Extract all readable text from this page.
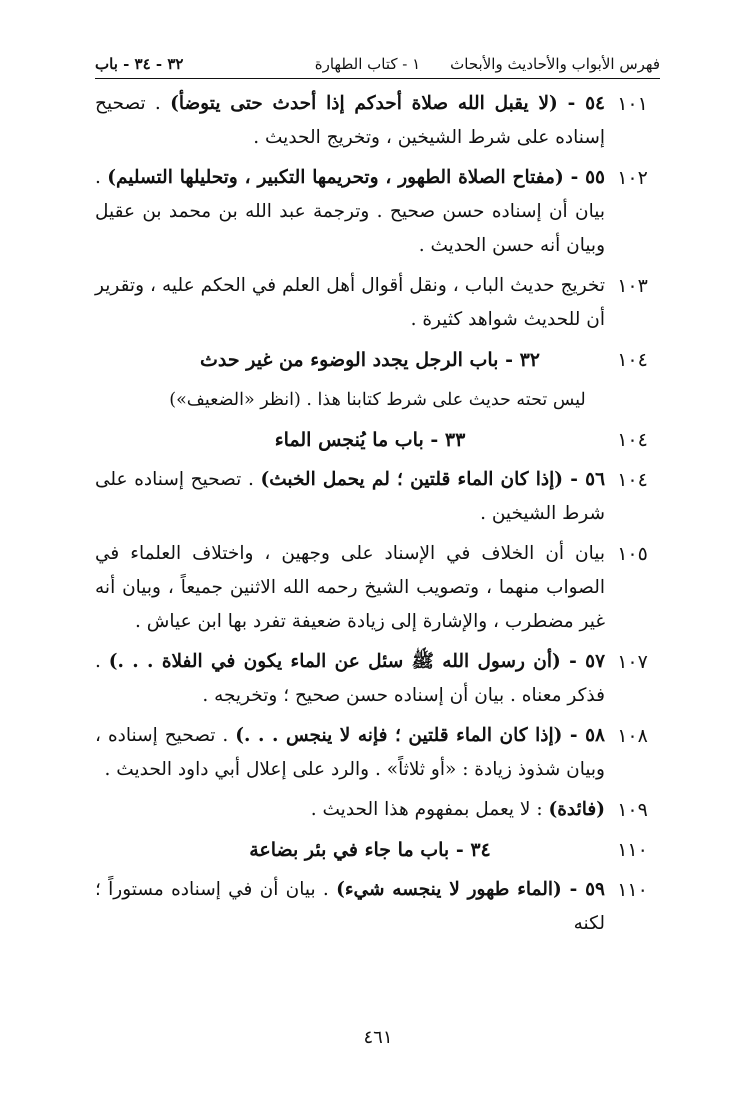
فهرس الأبواب والأحاديث والأبحاث
١ - كتاب الطهارة
٣٢ - ٣٤ - باب
١٠١
٥٤ - (لا يقبل الله صلاة أحدكم إذا أحدث حتى يتوضأ) . تصحيح إسناده على شرط الشيخين ، وتخريج الحديث .
١٠٢
٥٥ - (مفتاح الصلاة الطهور ، وتحريمها التكبير ، وتحليلها التسليم) . بيان أن إسناده حسن صحيح . وترجمة عبد الله بن محمد بن عقيل وبيان أنه حسن الحديث .
١٠٣
تخريج حديث الباب ، ونقل أقوال أهل العلم في الحكم عليه ، وتقرير أن للحديث شواهد كثيرة .
١٠٤
٣٢ - باب الرجل يجدد الوضوء من غير حدث
ليس تحته حديث على شرط كتابنا هذا . (انظر «الضعيف»)
١٠٤
٣٣ - باب ما يُنجس الماء
١٠٤
٥٦ - (إذا كان الماء قلتين ؛ لم يحمل الخبث) . تصحيح إسناده على شرط الشيخين .
١٠٥
بيان أن الخلاف في الإسناد على وجهين ، واختلاف العلماء في الصواب منهما ، وتصويب الشيخ رحمه الله الاثنين جميعاً ، وبيان أنه غير مضطرب ، والإشارة إلى زيادة ضعيفة تفرد بها ابن عياش .
١٠٧
٥٧ - (أن رسول الله ﷺ سئل عن الماء يكون في الفلاة . . .) . فذكر معناه . بيان أن إسناده حسن صحيح ؛ وتخريجه .
١٠٨
٥٨ - (إذا كان الماء قلتين ؛ فإنه لا ينجس . . .) . تصحيح إسناده ، وبيان شذوذ زيادة : «أو ثلاثاً» . والرد على إعلال أبي داود الحديث .
١٠٩
(فائدة) : لا يعمل بمفهوم هذا الحديث .
١١٠
٣٤ - باب ما جاء في بئر بضاعة
١١٠
٥٩ - (الماء طهور لا ينجسه شيء) . بيان أن في إسناده مستوراً ؛ لكنه
٤٦١
